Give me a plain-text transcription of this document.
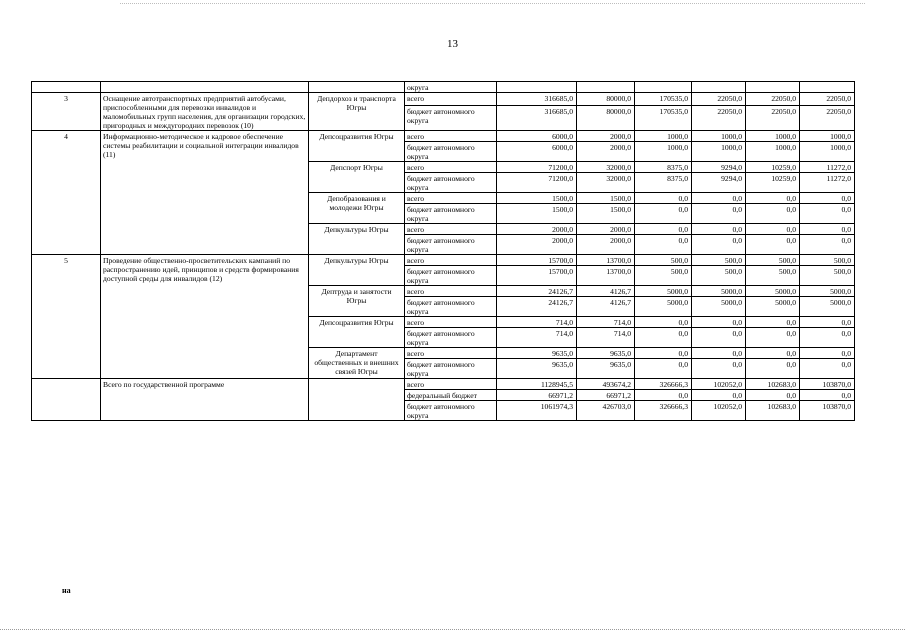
13
			округа						
3	Оснащение автотранспортных предприятий автобусами, приспособленными для перевозки инвалидов и маломобильных групп населения, для организации городских, пригородных и междугородних перевозок (10)	Депдорхоз и транспорта Югры	всего	316685,0	80000,0	170535,0	22050,0	22050,0	22050,0
			бюджет автономного округа	316685,0	80000,0	170535,0	22050,0	22050,0	22050,0
4	Информационно-методическое и кадровое обеспечение системы реабилитации и социальной интеграции инвалидов (11)	Депсоцразвития Югры	всего	6000,0	2000,0	1000,0	1000,0	1000,0	1000,0
			бюджет автономного округа	6000,0	2000,0	1000,0	1000,0	1000,0	1000,0
		Депспорт Югры	всего	71200,0	32000,0	8375,0	9294,0	10259,0	11272,0
			бюджет автономного округа	71200,0	32000,0	8375,0	9294,0	10259,0	11272,0
		Депобразования и молодежи Югры	всего	1500,0	1500,0	0,0	0,0	0,0	0,0
			бюджет автономного округа	1500,0	1500,0	0,0	0,0	0,0	0,0
		Депкультуры Югры	всего	2000,0	2000,0	0,0	0,0	0,0	0,0
			бюджет автономного округа	2000,0	2000,0	0,0	0,0	0,0	0,0
5	Проведение общественно-просветительских кампаний по распространению идей, принципов и средств формирования доступной среды для инвалидов (12)	Депкультуры Югры	всего	15700,0	13700,0	500,0	500,0	500,0	500,0
			бюджет автономного округа	15700,0	13700,0	500,0	500,0	500,0	500,0
		Дептруда и занятости Югры	всего	24126,7	4126,7	5000,0	5000,0	5000,0	5000,0
			бюджет автономного округа	24126,7	4126,7	5000,0	5000,0	5000,0	5000,0
		Депсоцразвития Югры	всего	714,0	714,0	0,0	0,0	0,0	0,0
			бюджет автономного округа	714,0	714,0	0,0	0,0	0,0	0,0
		Департамент общественных и внешних связей Югры	всего	9635,0	9635,0	0,0	0,0	0,0	0,0
			бюджет автономного округа	9635,0	9635,0	0,0	0,0	0,0	0,0
	Всего по государственной программе		всего	1128945,5	493674,2	326666,3	102052,0	102683,0	103870,0
			федеральный бюджет	66971,2	66971,2	0,0	0,0	0,0	0,0
			бюджет автономного округа	1061974,3	426703,0	326666,3	102052,0	102683,0	103870,0
на
